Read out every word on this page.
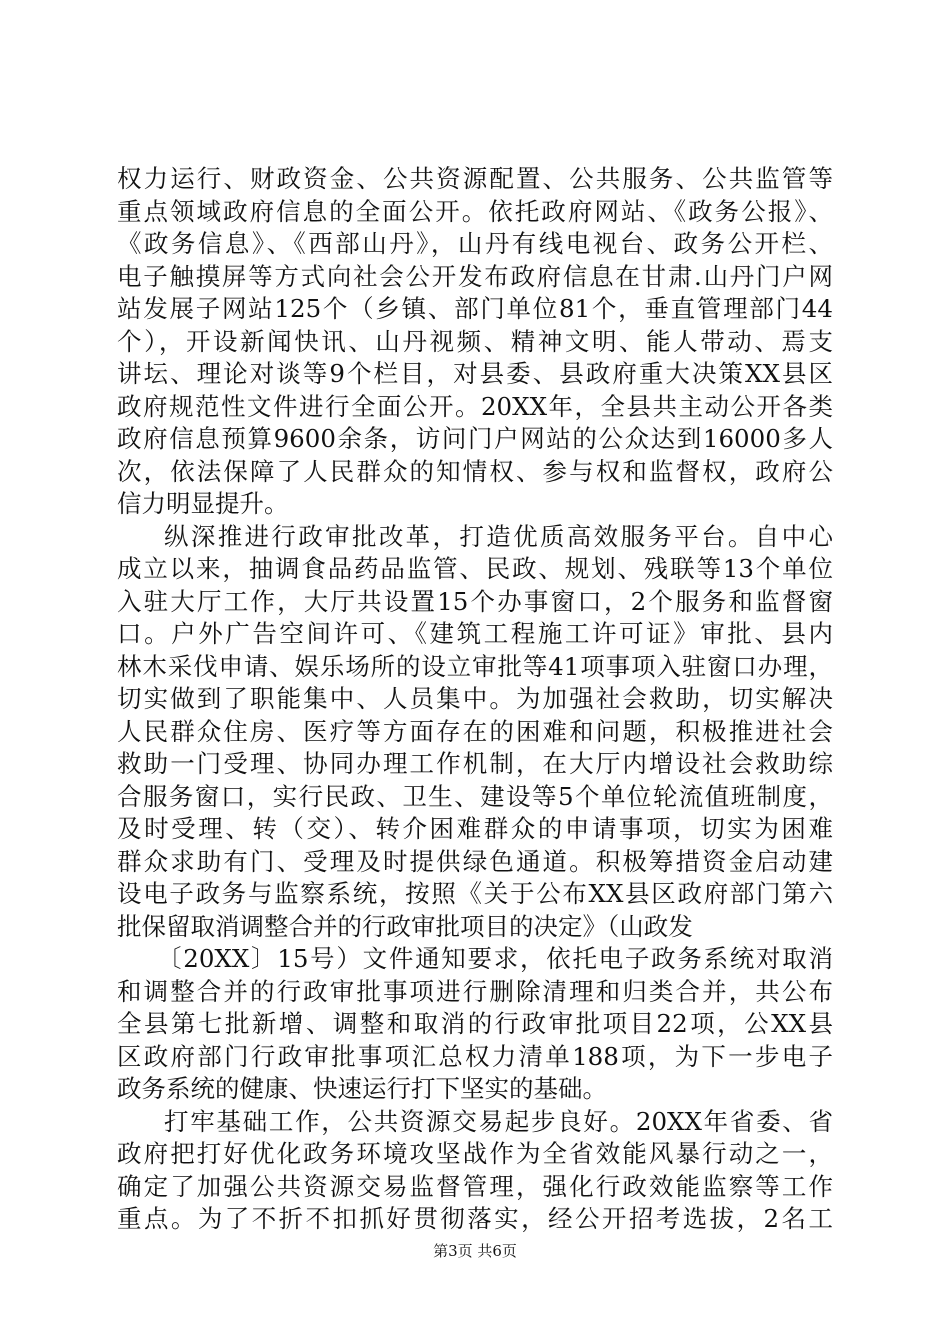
权力运行、财政资金、公共资源配置、公共服务、公共监管等
重点领域政府信息的全面公开。依托政府网站、《政务公报》、
《政务信息》、《西部山丹》，山丹有线电视台、政务公开栏、
电子触摸屏等方式向社会公开发布政府信息在甘肃.山丹门户网
站发展子网站125个（乡镇、部门单位81个，垂直管理部门44
个），开设新闻快讯、山丹视频、精神文明、能人带动、焉支
讲坛、理论对谈等9个栏目，对县委、县政府重大决策XX县区
政府规范性文件进行全面公开。20XX年，全县共主动公开各类
政府信息预算9600余条，访问门户网站的公众达到16000多人
次，依法保障了人民群众的知情权、参与权和监督权，政府公
信力明显提升。
纵深推进行政审批改革，打造优质高效服务平台。自中心
成立以来，抽调食品药品监管、民政、规划、残联等13个单位
入驻大厅工作，大厅共设置15个办事窗口，2个服务和监督窗
口。户外广告空间许可、《建筑工程施工许可证》审批、县内
林木采伐申请、娱乐场所的设立审批等41项事项入驻窗口办理，
切实做到了职能集中、人员集中。为加强社会救助，切实解决
人民群众住房、医疗等方面存在的困难和问题，积极推进社会
救助一门受理、协同办理工作机制，在大厅内增设社会救助综
合服务窗口，实行民政、卫生、建设等5个单位轮流值班制度，
及时受理、转（交）、转介困难群众的申请事项，切实为困难
群众求助有门、受理及时提供绿色通道。积极筹措资金启动建
设电子政务与监察系统，按照《关于公布XX县区政府部门第六
批保留取消调整合并的行政审批项目的决定》（山政发
〔20XX〕15号）文件通知要求，依托电子政务系统对取消
和调整合并的行政审批事项进行删除清理和归类合并，共公布
全县第七批新增、调整和取消的行政审批项目22项，公XX县
区政府部门行政审批事项汇总权力清单188项，为下一步电子
政务系统的健康、快速运行打下坚实的基础。
打牢基础工作，公共资源交易起步良好。20XX年省委、省
政府把打好优化政务环境攻坚战作为全省效能风暴行动之一，
确定了加强公共资源交易监督管理，强化行政效能监察等工作
重点。为了不折不扣抓好贯彻落实，经公开招考选拔，2名工
第3页 共6页
